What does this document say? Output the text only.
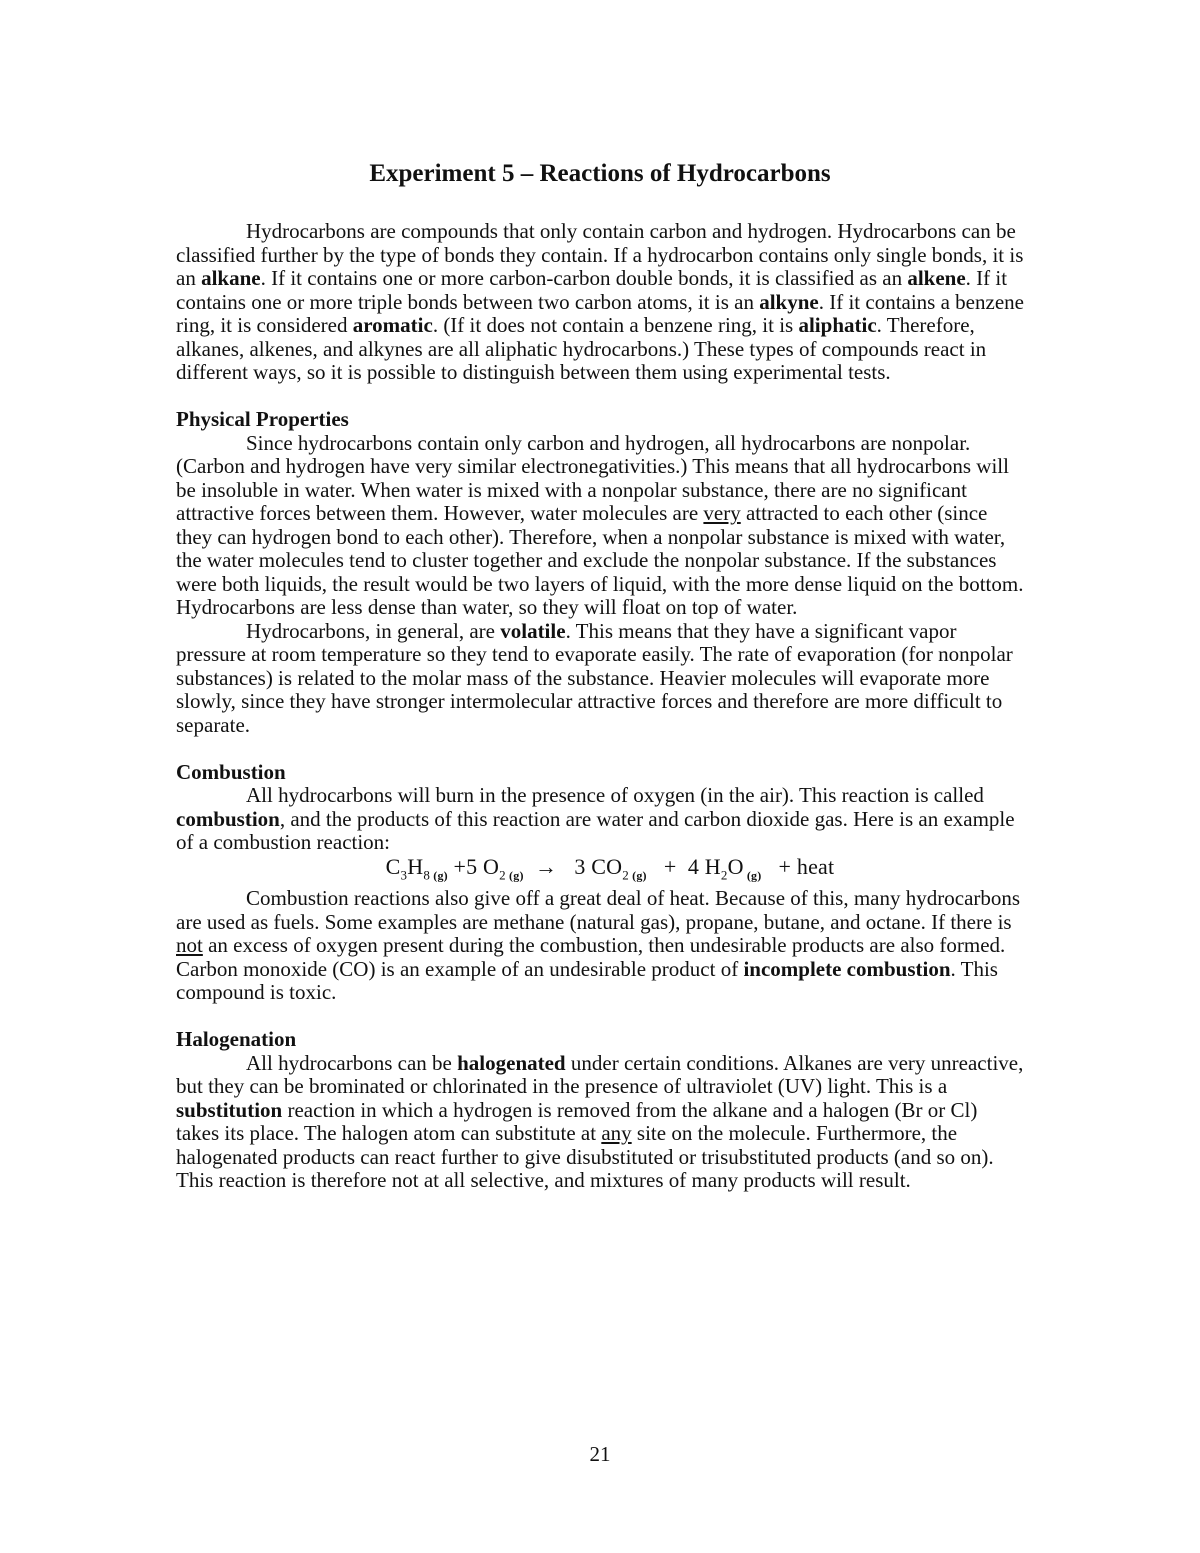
Experiment 5 – Reactions of Hydrocarbons

Hydrocarbons are compounds that only contain carbon and hydrogen. Hydrocarbons can be classified further by the type of bonds they contain. If a hydrocarbon contains only single bonds, it is an alkane. If it contains one or more carbon-carbon double bonds, it is classified as an alkene. If it contains one or more triple bonds between two carbon atoms, it is an alkyne. If it contains a benzene ring, it is considered aromatic. (If it does not contain a benzene ring, it is aliphatic. Therefore, alkanes, alkenes, and alkynes are all aliphatic hydrocarbons.) These types of compounds react in different ways, so it is possible to distinguish between them using experimental tests.

Physical Properties

Since hydrocarbons contain only carbon and hydrogen, all hydrocarbons are nonpolar. (Carbon and hydrogen have very similar electronegativities.) This means that all hydrocarbons will be insoluble in water. When water is mixed with a nonpolar substance, there are no significant attractive forces between them. However, water molecules are very attracted to each other (since they can hydrogen bond to each other). Therefore, when a nonpolar substance is mixed with water, the water molecules tend to cluster together and exclude the nonpolar substance. If the substances were both liquids, the result would be two layers of liquid, with the more dense liquid on the bottom. Hydrocarbons are less dense than water, so they will float on top of water.

Hydrocarbons, in general, are volatile. This means that they have a significant vapor pressure at room temperature so they tend to evaporate easily. The rate of evaporation (for nonpolar substances) is related to the molar mass of the substance. Heavier molecules will evaporate more slowly, since they have stronger intermolecular attractive forces and therefore are more difficult to separate.

Combustion

All hydrocarbons will burn in the presence of oxygen (in the air). This reaction is called combustion, and the products of this reaction are water and carbon dioxide gas. Here is an example of a combustion reaction:

$C_3H_8$ $_{(g)}$ +5 $O_2$ $_{(g)}$ → 3 $CO_2$ $_{(g)}$   +  4 $H_2O$ $_{(g)}$   + heat

Combustion reactions also give off a great deal of heat. Because of this, many hydrocarbons are used as fuels. Some examples are methane (natural gas), propane, butane, and octane. If there is not an excess of oxygen present during the combustion, then undesirable products are also formed. Carbon monoxide (CO) is an example of an undesirable product of incomplete combustion. This compound is toxic.

Halogenation

All hydrocarbons can be halogenated under certain conditions. Alkanes are very unreactive, but they can be brominated or chlorinated in the presence of ultraviolet (UV) light. This is a substitution reaction in which a hydrogen is removed from the alkane and a halogen (Br or Cl) takes its place. The halogen atom can substitute at any site on the molecule. Furthermore, the halogenated products can react further to give disubstituted or trisubstituted products (and so on). This reaction is therefore not at all selective, and mixtures of many products will result.

21
